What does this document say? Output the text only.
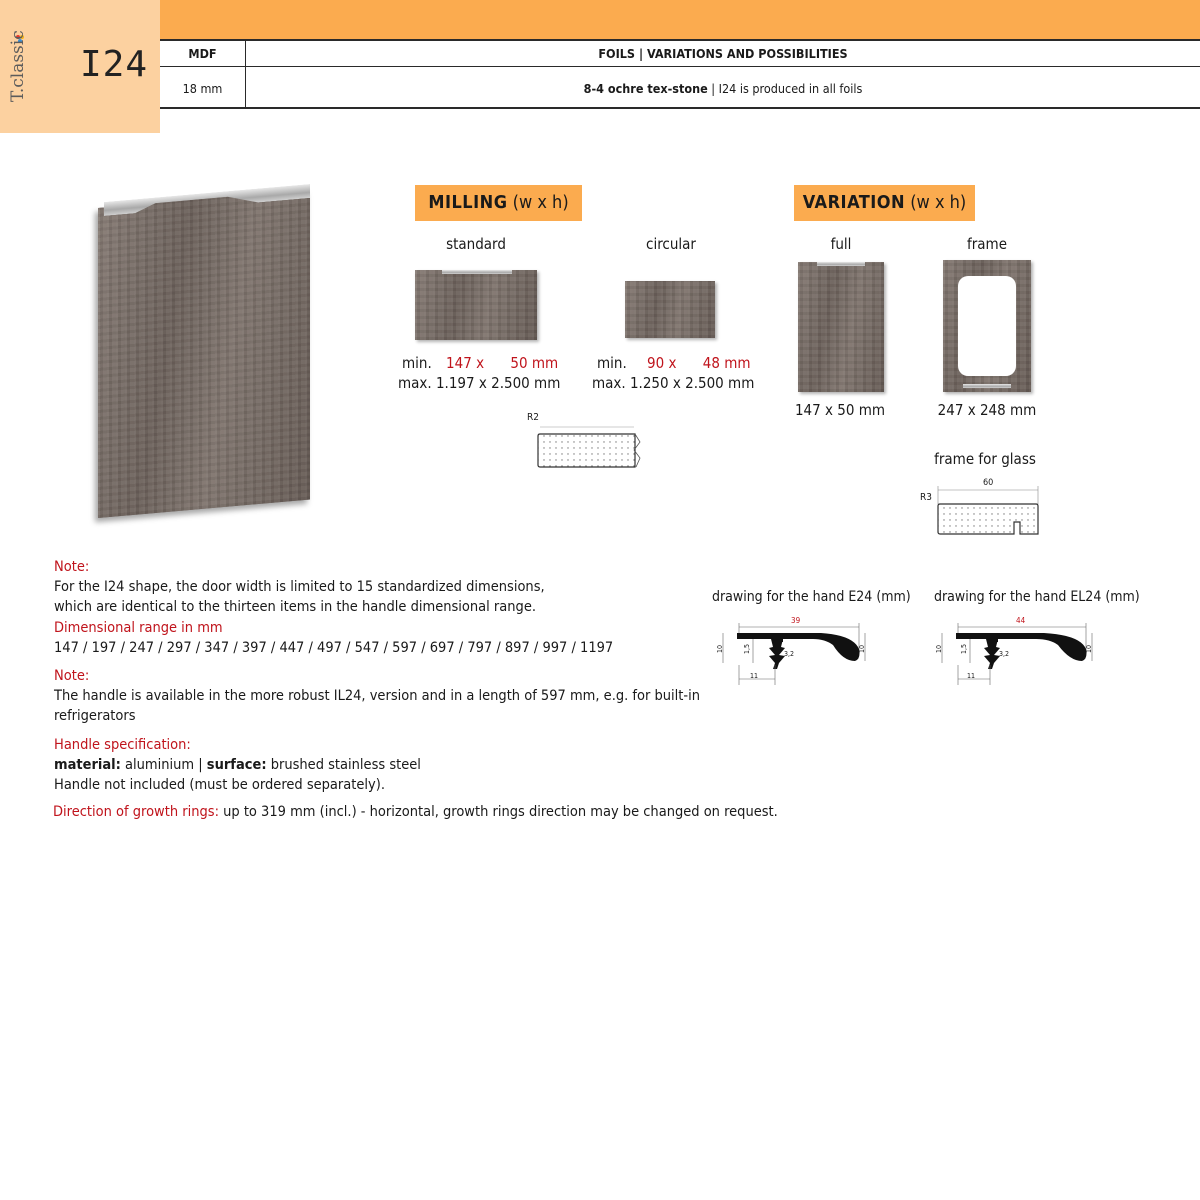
T.classic I24	MDF	FOILS | VARIATIONS AND POSSIBILITIES
18 mm	8-4 ochre tex-stone | I24 is produced in all foils
MILLING (w x h)
standard	circular
min. 147 x 50 mm
max. 1.197 x 2.500 mm
min. 90 x 48 mm
max. 1.250 x 2.500 mm
R2
VARIATION (w x h)
full	frame
147 x 50 mm	247 x 248 mm
frame for glass
R3
60
drawing for the hand E24 (mm) drawing for the hand EL24 (mm)
39
10	1,5	3,2
11
10
44
10 1,5	3,2
11
10
Note:
For the I24 shape, the door width is limited to 15 standardized dimensions,
which are identical to the thirteen items in the handle dimensional range.
Dimensional range in mm
147 / 197 / 247 / 297 / 347 / 397 / 447 / 497 / 547 / 597 / 697 / 797 / 897 / 997 / 1197
Note:
The handle is available in the more robust IL24, version and in a length of 597 mm, e.g. for built-in
refrigerators
Handle specification:
material: aluminium | surface: brushed stainless steel
Handle not included (must be ordered separately).
Direction of growth rings: up to 319 mm (incl.) - horizontal, growth rings direction may be changed on request.
